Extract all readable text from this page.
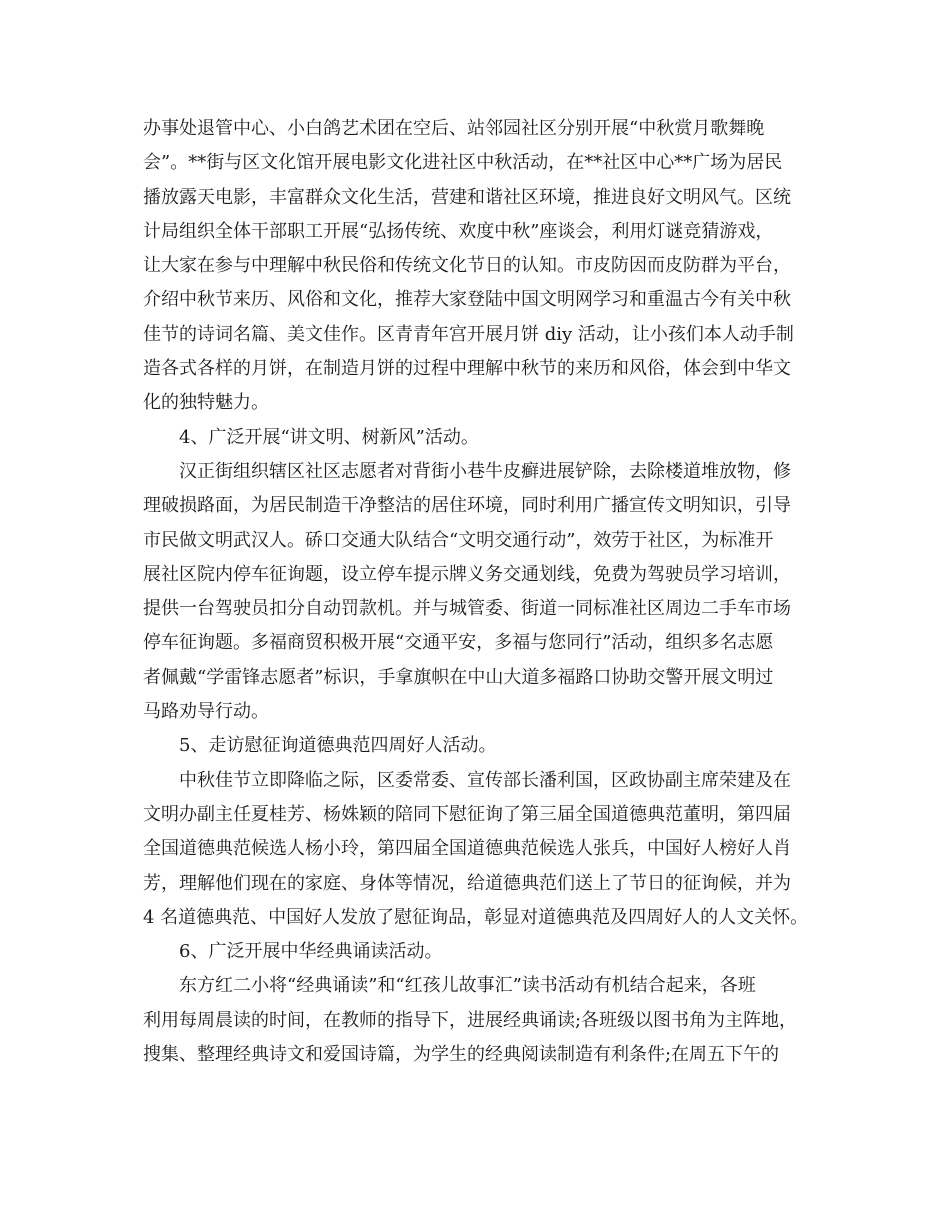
办事处退管中心、小白鸽艺术团在空后、站邻园社区分别开展“中秋赏月歌舞晚
会”。**街与区文化馆开展电影文化进社区中秋活动，在**社区中心**广场为居民
播放露天电影，丰富群众文化生活，营建和谐社区环境，推进良好文明风气。区统
计局组织全体干部职工开展“弘扬传统、欢度中秋”座谈会，利用灯谜竞猜游戏，
让大家在参与中理解中秋民俗和传统文化节日的认知。市皮防因而皮防群为平台，
介绍中秋节来历、风俗和文化，推荐大家登陆中国文明网学习和重温古今有关中秋
佳节的诗词名篇、美文佳作。区青青年宫开展月饼 diy 活动，让小孩们本人动手制
造各式各样的月饼，在制造月饼的过程中理解中秋节的来历和风俗，体会到中华文
化的独特魅力。
4、广泛开展“讲文明、树新风”活动。
汉正街组织辖区社区志愿者对背街小巷牛皮癣进展铲除，去除楼道堆放物，修
理破损路面，为居民制造干净整洁的居住环境，同时利用广播宣传文明知识，引导
市民做文明武汉人。硚口交通大队结合“文明交通行动”，效劳于社区，为标准开
展社区院内停车征询题，设立停车提示牌义务交通划线，免费为驾驶员学习培训，
提供一台驾驶员扣分自动罚款机。并与城管委、街道一同标准社区周边二手车市场
停车征询题。多福商贸积极开展“交通平安，多福与您同行”活动，组织多名志愿
者佩戴“学雷锋志愿者”标识，手拿旗帜在中山大道多福路口协助交警开展文明过
马路劝导行动。
5、走访慰征询道德典范四周好人活动。
中秋佳节立即降临之际，区委常委、宣传部长潘利国，区政协副主席荣建及在
文明办副主任夏桂芳、杨姝颖的陪同下慰征询了第三届全国道德典范董明，第四届
全国道德典范候选人杨小玲，第四届全国道德典范候选人张兵，中国好人榜好人肖
芳，理解他们现在的家庭、身体等情况，给道德典范们送上了节日的征询候，并为
4 名道德典范、中国好人发放了慰征询品，彰显对道德典范及四周好人的人文关怀。
6、广泛开展中华经典诵读活动。
东方红二小将“经典诵读”和“红孩儿故事汇”读书活动有机结合起来，各班
利用每周晨读的时间，在教师的指导下，进展经典诵读;各班级以图书角为主阵地，
搜集、整理经典诗文和爱国诗篇，为学生的经典阅读制造有利条件;在周五下午的
